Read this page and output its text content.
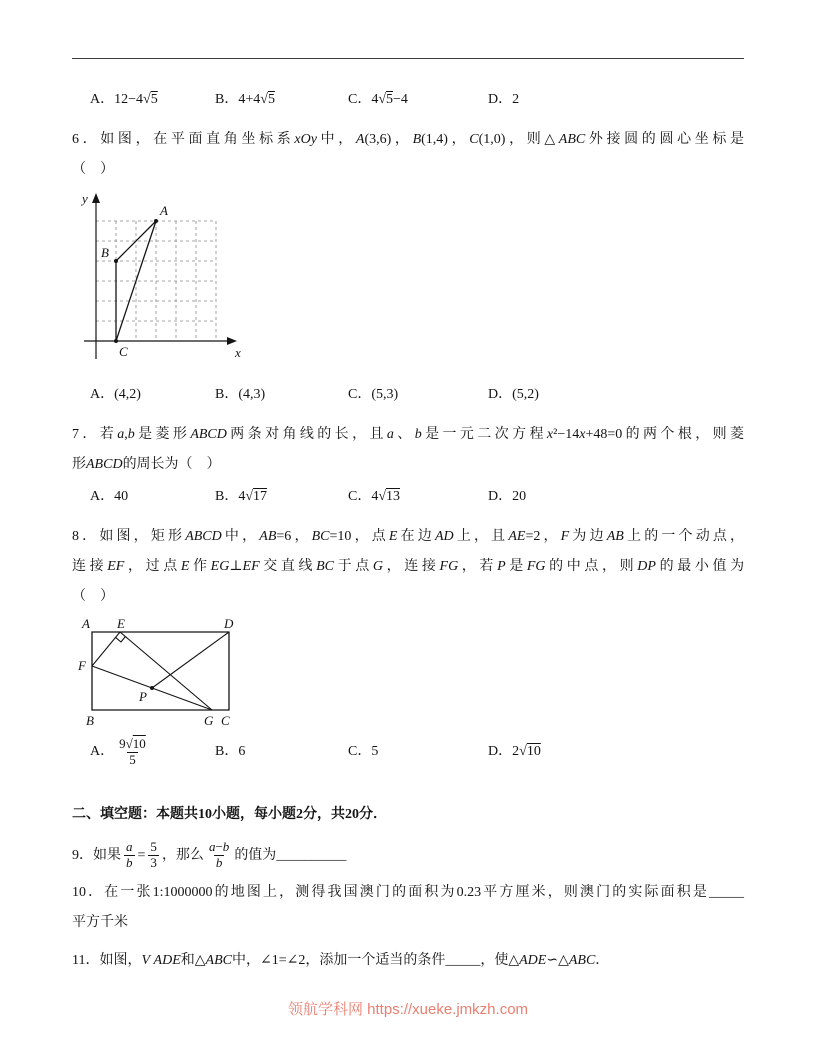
A． 12−4√5	B． 4+4√5	C． 4√5−4	D． 2
6．如图，在平面直角坐标系xOy中，A(3,6)，B(1,4)，C(1,0)，则△ABC外接圆的圆心坐标是
（　）
y
x
A
B
C
A． (4,2)	B． (4,3)	C． (5,3)	D． (5,2)
7．若a,b是菱形ABCD两条对角线的长，且a、b是一元二次方程x²−14x+48=0的两个根，则菱
形ABCD的周长为（　）
A． 40	B． 4√17	C． 4√13	D． 20
8．如图，矩形ABCD中，AB=6，BC=10，点E在边AD上，且AE=2，F为边AB上的一个动点，
连接EF，过点E作EG⊥EF交直线BC于点G，连接FG，若P是FG的中点，则DP的最小值为
（　）
A E	D
F
B	G C
P
A． $\frac{9√10}{5}$	B． 6	C． 5	D． 2√10
二、填空题：本题共10小题，每小题2分，共20分．
9．如果 $\frac{a}{b} = \frac{5}{3}$ ，那么 $\frac{a-b}{b}$ 的值为 __________
10．在一张1:1000000的地图上，测得我国澳门的面积为0.23平方厘米，则澳门的实际面积是_____
平方千米
11．如图，V ADE和△ABC中，∠1=∠2，添加一个适当的条件_____，使△ADE∽△ABC．
领航学科网 https://xueke.jmkzh.com
